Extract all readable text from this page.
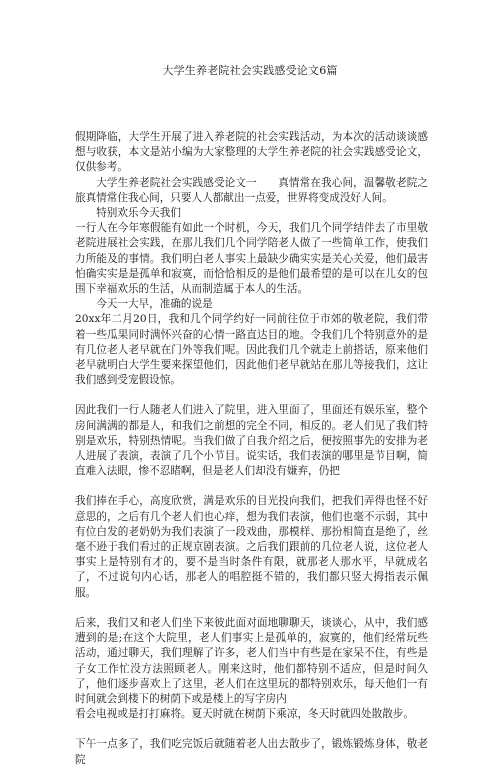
大学生养老院社会实践感受论文6篇

假期降临，大学生开展了进入养老院的社会实践活动，为本次的活动谈谈感想与收获，本文是站小编为大家整理的大学生养老院的社会实践感受论文，仅供参考。

大学生养老院社会实践感受论文一　　真情常在我心间，温馨敬老院之旅真情常住我心间，只要人人都献出一点爱，世界将变成没好人间。

特别欢乐今天我们

一行人在今年寒假能有如此一个时机，今天，我们几个同学结伴去了市里敬老院进展社会实践，在那儿我们几个同学陪老人做了一些简单工作，使我们力所能及的事情。我们明白老人事实上最缺少确实实是关心关爱，他们最害怕确实实是是孤单和寂寞，而恰恰相反的是他们最希望的是可以在儿女的包围下幸福欢乐的生活，从而制造属于本人的生活。

今天一大早，准确的说是

20xx年二月20日，我和几个同学约好一同前往位于市郊的敬老院，我们带着一些瓜果同时满怀兴奋的心情一路直达目的地。令我们几个特别意外的是有几位老人老早就在门外等我们呢。因此我们几个就走上前搭话，原来他们老早就明白大学生要来探望他们，因此他们老早就站在那儿等接我们，这让我们感到受宠假设惊。

因此我们一行人随老人们进入了院里，进入里面了，里面还有娱乐室，整个房间满满的都是人，和我们之前想的完全不同，相反的。老人们见了我们特别是欢乐，特别热情呢。当我们做了自我介绍之后，便按照事先的安排为老人进展了表演，表演了几个小节目。说实话，我们表演的哪里是节目啊，简直难入法眼，惨不忍睹啊，但是老人们却没有嫌弃，仍把

我们捧在手心，高度欣赏，满是欢乐的目光投向我们，把我们弄得也怪不好意思的，之后有几个老人们也心痒，想为我们表演，他们也毫不示弱，其中有位白发的老奶奶为我们表演了一段戏曲，那模样、那扮相简直是绝了，丝毫不逊于我们看过的正规京剧表演。之后我们跟前的几位老人说，这位老人事实上是特别有才的，要不是当时条件有限，就那老人那水平，早就成名了，不过说句内心话，那老人的唱腔挺不错的，我们都只竖大拇指表示佩服。

后来，我们又和老人们坐下来彼此面对面地聊聊天，谈谈心，从中，我们感遭到的是;在这个大院里，老人们事实上是孤单的，寂寞的，他们经常玩些活动，通过聊天，我们理解了许多，老人们当中有些是在家呆不住，有些是子女工作忙没方法照顾老人。刚来这时，他们都特别不适应，但是时间久了，他们逐步喜欢上了这里，老人们在这里玩的都特别欢乐，每天他们一有时间就会到楼下的树荫下或是楼上的写字房内

看会电视或是打打麻将。夏天时就在树荫下乘凉，冬天时就四处散散步。

下午一点多了，我们吃完饭后就随着老人出去散步了，锻炼锻炼身体，敬老院
